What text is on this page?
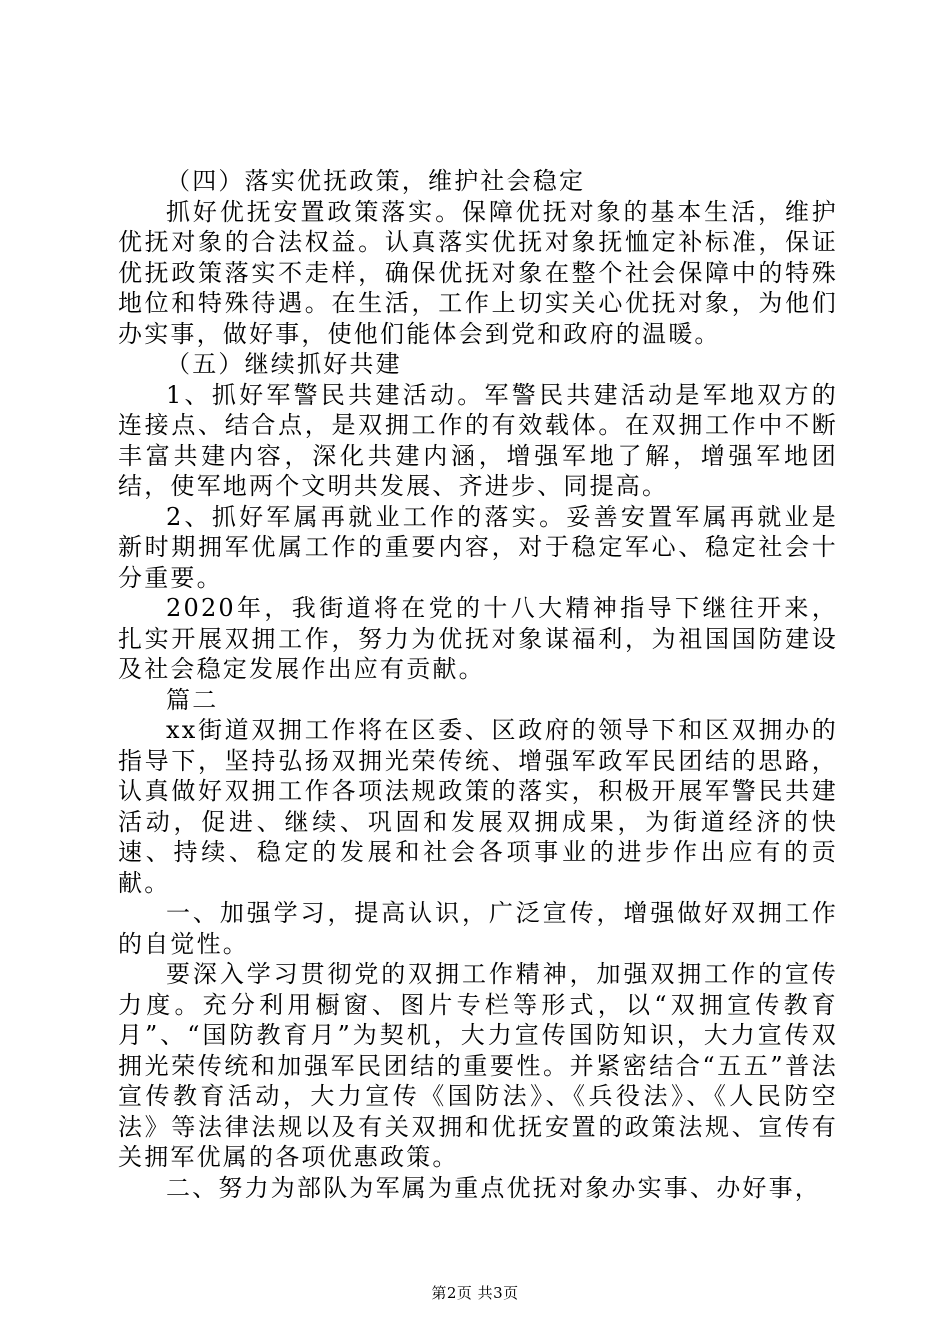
（四）落实优抚政策，维护社会稳定

抓好优抚安置政策落实。保障优抚对象的基本生活，维护优抚对象的合法权益。认真落实优抚对象抚恤定补标准，保证优抚政策落实不走样，确保优抚对象在整个社会保障中的特殊地位和特殊待遇。在生活，工作上切实关心优抚对象，为他们办实事，做好事，使他们能体会到党和政府的温暖。

（五）继续抓好共建

1、抓好军警民共建活动。军警民共建活动是军地双方的连接点、结合点，是双拥工作的有效载体。在双拥工作中不断丰富共建内容，深化共建内涵，增强军地了解，增强军地团结，使军地两个文明共发展、齐进步、同提高。

2、抓好军属再就业工作的落实。妥善安置军属再就业是新时期拥军优属工作的重要内容，对于稳定军心、稳定社会十分重要。

2020年，我街道将在党的十八大精神指导下继往开来，扎实开展双拥工作，努力为优抚对象谋福利，为祖国国防建设及社会稳定发展作出应有贡献。

篇二

xx街道双拥工作将在区委、区政府的领导下和区双拥办的指导下，坚持弘扬双拥光荣传统、增强军政军民团结的思路，认真做好双拥工作各项法规政策的落实，积极开展军警民共建活动，促进、继续、巩固和发展双拥成果，为街道经济的快速、持续、稳定的发展和社会各项事业的进步作出应有的贡献。

一、加强学习，提高认识，广泛宣传，增强做好双拥工作的自觉性。

要深入学习贯彻党的双拥工作精神，加强双拥工作的宣传力度。充分利用橱窗、图片专栏等形式，以“双拥宣传教育月”、“国防教育月”为契机，大力宣传国防知识，大力宣传双拥光荣传统和加强军民团结的重要性。并紧密结合“五五”普法宣传教育活动，大力宣传《国防法》、《兵役法》、《人民防空法》等法律法规以及有关双拥和优抚安置的政策法规、宣传有关拥军优属的各项优惠政策。

二、努力为部队为军属为重点优抚对象办实事、办好事，

第2页 共3页
